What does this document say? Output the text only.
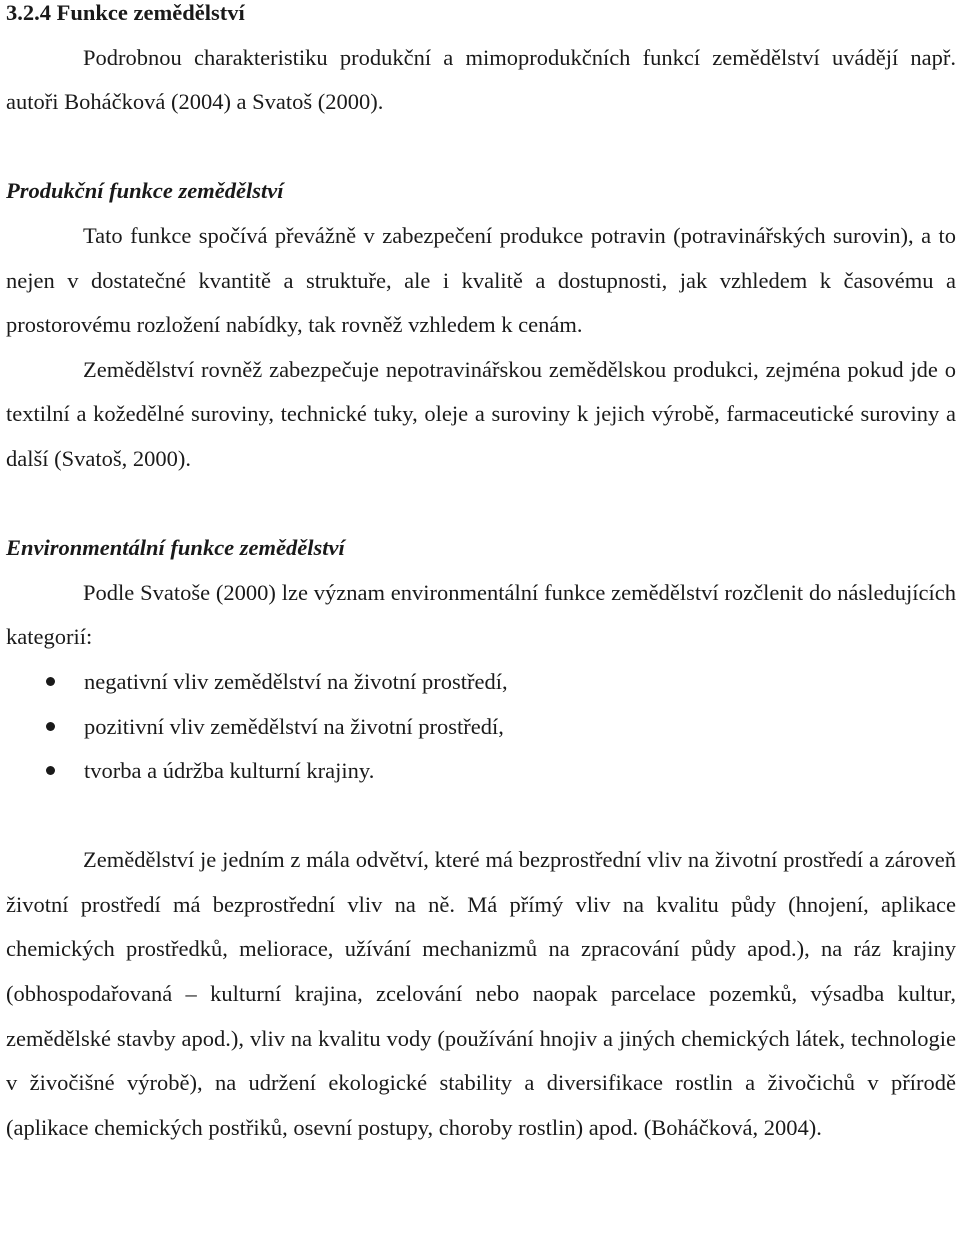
3.2.4 Funkce zemědělství

Podrobnou charakteristiku produkční a mimoprodukčních funkcí zemědělství uvádějí např. autoři Boháčková (2004) a Svatoš (2000).

Produkční funkce zemědělství

Tato funkce spočívá převážně v zabezpečení produkce potravin (potravinářských surovin), a to nejen v dostatečné kvantitě a struktuře, ale i kvalitě a dostupnosti, jak vzhledem k časovému a prostorovému rozložení nabídky, tak rovněž vzhledem k cenám.

Zemědělství rovněž zabezpečuje nepotravinářskou zemědělskou produkci, zejména pokud jde o textilní a kožedělné suroviny, technické tuky, oleje a suroviny k jejich výrobě, farmaceutické suroviny a další (Svatoš, 2000).

Environmentální funkce zemědělství

Podle Svatoše (2000) lze význam environmentální funkce zemědělství rozčlenit do následujících kategorií:

negativní vliv zemědělství na životní prostředí,
pozitivní vliv zemědělství na životní prostředí,
tvorba a údržba kulturní krajiny.

Zemědělství je jedním z mála odvětví, které má bezprostřední vliv na životní prostředí a zároveň životní prostředí má bezprostřední vliv na ně. Má přímý vliv na kvalitu půdy (hnojení, aplikace chemických prostředků, meliorace, užívání mechanizmů na zpracování půdy apod.), na ráz krajiny (obhospodařovaná – kulturní krajina, zcelování nebo naopak parcelace pozemků, výsadba kultur, zemědělské stavby apod.), vliv na kvalitu vody (používání hnojiv a jiných chemických látek, technologie v živočišné výrobě), na udržení ekologické stability a diversifikace rostlin a živočichů v přírodě (aplikace chemických postřiků, osevní postupy, choroby rostlin) apod. (Boháčková, 2004).
